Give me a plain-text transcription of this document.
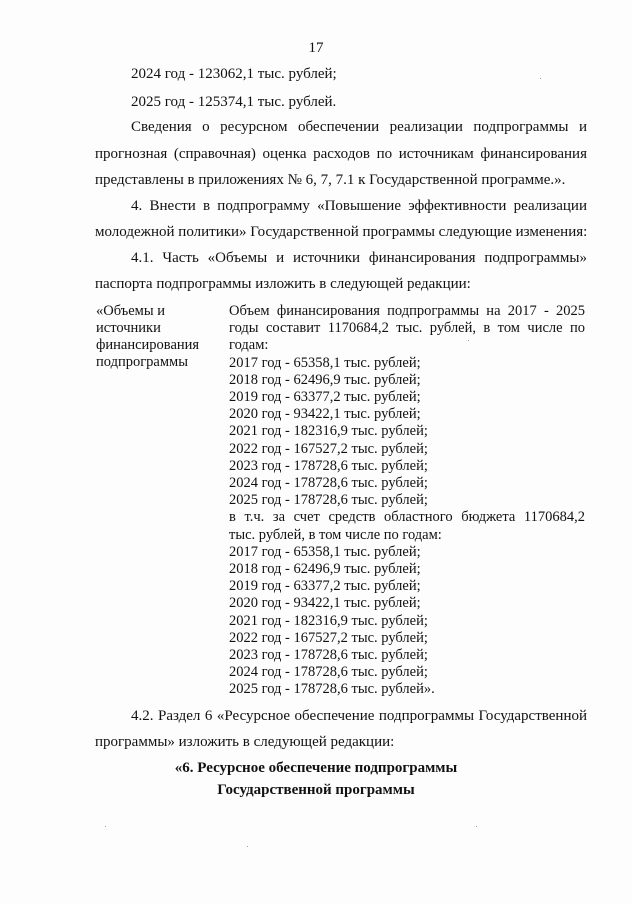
17
2024 год - 123062,1 тыс. рублей;
2025 год - 125374,1 тыс. рублей.
Сведения о ресурсном обеспечении реализации подпрограммы и
прогнозная (справочная) оценка расходов по источникам финансирования
представлены в приложениях № 6, 7, 7.1 к Государственной программе.».
4. Внести в подпрограмму «Повышение эффективности реализации
молодежной политики» Государственной программы следующие изменения:
4.1. Часть «Объемы и источники финансирования подпрограммы»
паспорта подпрограммы изложить в следующей редакции:
«Объемы и
источники
финансирования
подпрограммы
Объем финансирования подпрограммы на 2017 - 2025
годы составит 1170684,2 тыс. рублей, в том числе по
годам:
2017 год - 65358,1 тыс. рублей;
2018 год - 62496,9 тыс. рублей;
2019 год - 63377,2 тыс. рублей;
2020 год - 93422,1 тыс. рублей;
2021 год - 182316,9 тыс. рублей;
2022 год - 167527,2 тыс. рублей;
2023 год - 178728,6 тыс. рублей;
2024 год - 178728,6 тыс. рублей;
2025 год - 178728,6 тыс. рублей;
в т.ч. за счет средств областного бюджета 1170684,2
тыс. рублей, в том числе по годам:
2017 год - 65358,1 тыс. рублей;
2018 год - 62496,9 тыс. рублей;
2019 год - 63377,2 тыс. рублей;
2020 год - 93422,1 тыс. рублей;
2021 год - 182316,9 тыс. рублей;
2022 год - 167527,2 тыс. рублей;
2023 год - 178728,6 тыс. рублей;
2024 год - 178728,6 тыс. рублей;
2025 год - 178728,6 тыс. рублей».
4.2. Раздел 6 «Ресурсное обеспечение подпрограммы Государственной
программы» изложить в следующей редакции:
«6. Ресурсное обеспечение подпрограммы
Государственной программы
